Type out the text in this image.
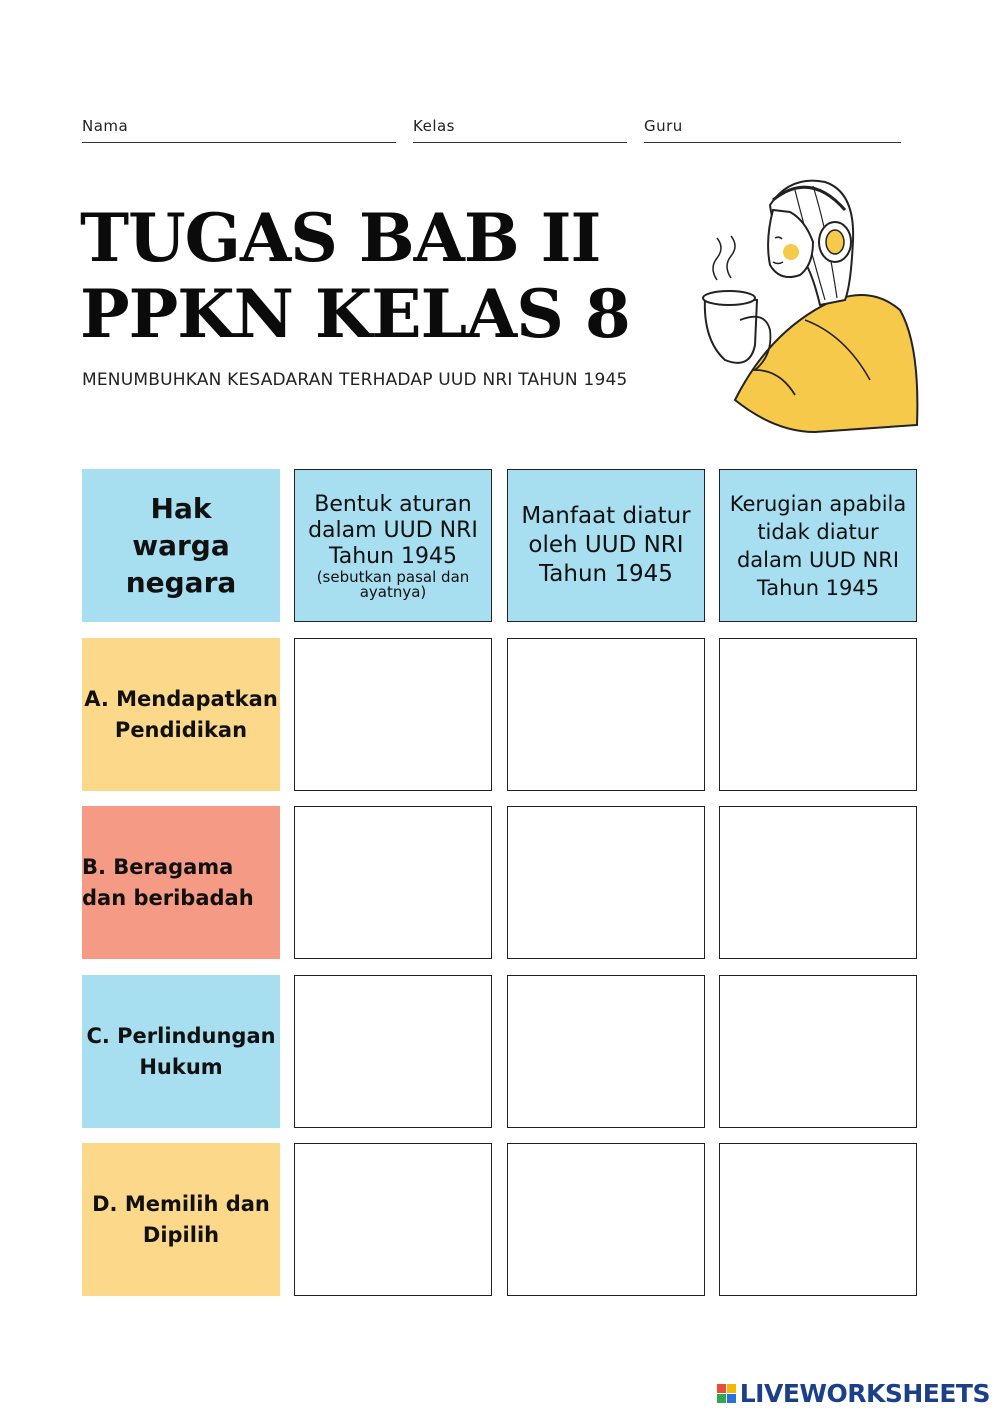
Nama	Kelas	Guru
TUGAS BAB II
PPKN KELAS 8
MENUMBUHKAN KESADARAN TERHADAP UUD NRI TAHUN 1945
Hak warga negara
Bentuk aturan dalam UUD NRI Tahun 1945
(sebutkan pasal dan ayatnya)
Manfaat diatur oleh UUD NRI Tahun 1945
Kerugian apabila tidak diatur dalam UUD NRI Tahun 1945
A. Mendapatkan Pendidikan
B. Beragama dan beribadah
C. Perlindungan Hukum
D. Memilih dan Dipilih
LIVEWORKSHEETS
